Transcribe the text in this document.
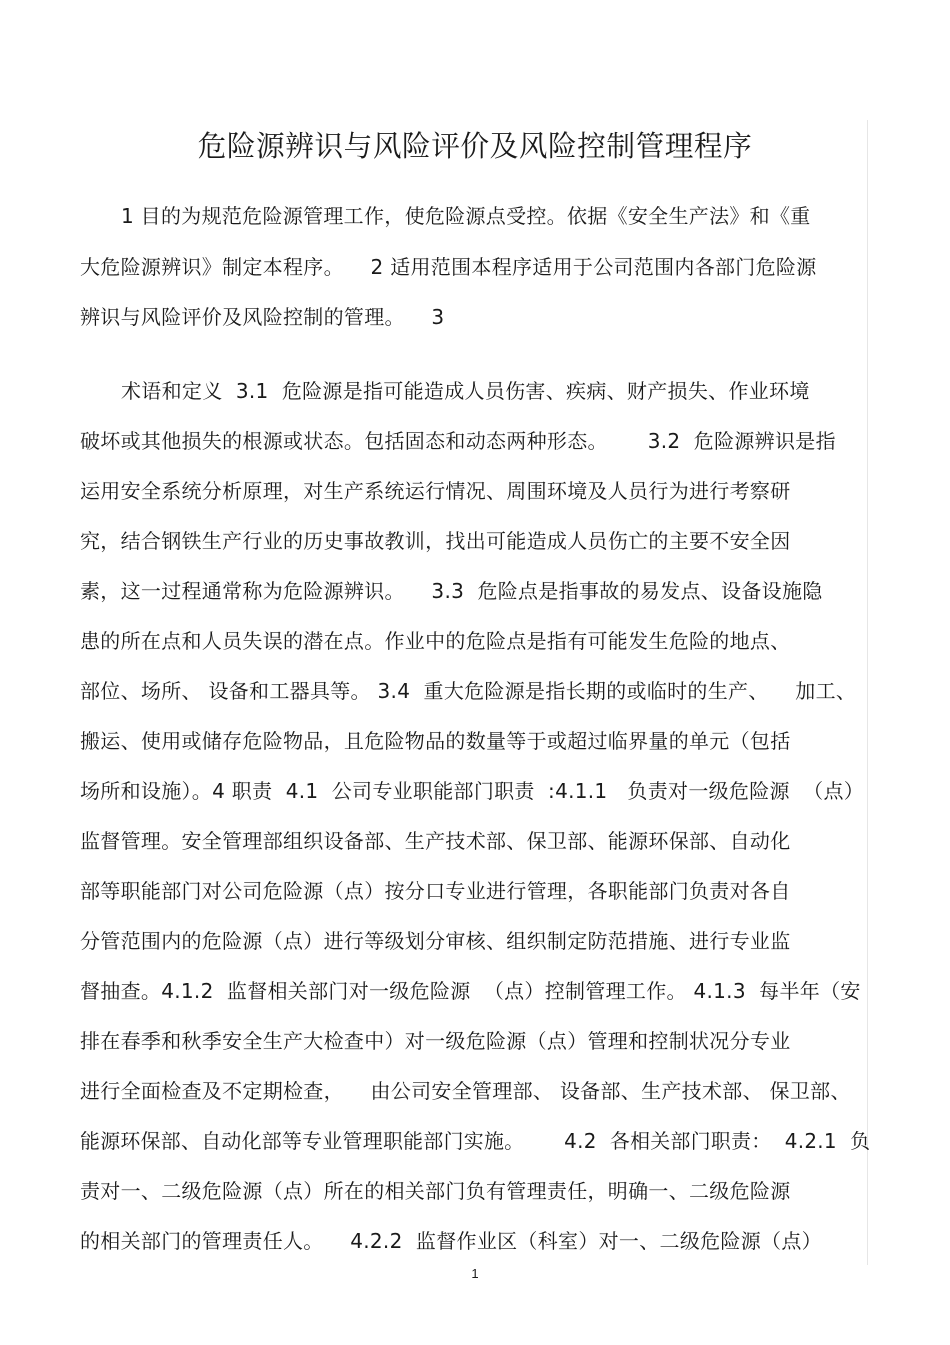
危险源辨识与风险评价及风险控制管理程序
1 目的为规范危险源管理工作，使危险源点受控。依据《安全生产法》和《重
大危险源辨识》制定本程序。    2 适用范围本程序适用于公司范围内各部门危险源
辨识与风险评价及风险控制的管理。    3
术语和定义  3.1  危险源是指可能造成人员伤害、疾病、财产损失、作业环境
破坏或其他损失的根源或状态。包括固态和动态两种形态。      3.2  危险源辨识是指
运用安全系统分析原理，对生产系统运行情况、周围环境及人员行为进行考察研
究，结合钢铁生产行业的历史事故教训，找出可能造成人员伤亡的主要不安全因
素，这一过程通常称为危险源辨识。    3.3  危险点是指事故的易发点、设备设施隐
患的所在点和人员失误的潜在点。作业中的危险点是指有可能发生危险的地点、
部位、场所、 设备和工器具等。 3.4  重大危险源是指长期的或临时的生产、    加工、
搬运、使用或储存危险物品，且危险物品的数量等于或超过临界量的单元（包括
场所和设施）。4 职责  4.1  公司专业职能部门职责  :4.1.1   负责对一级危险源  （点）
监督管理。安全管理部组织设备部、生产技术部、保卫部、能源环保部、自动化
部等职能部门对公司危险源（点）按分口专业进行管理，各职能部门负责对各自
分管范围内的危险源（点）进行等级划分审核、组织制定防范措施、进行专业监
督抽查。4.1.2  监督相关部门对一级危险源  （点）控制管理工作。 4.1.3  每半年（安
排在春季和秋季安全生产大检查中）对一级危险源（点）管理和控制状况分专业
进行全面检查及不定期检查，    由公司安全管理部、 设备部、生产技术部、 保卫部、
能源环保部、自动化部等专业管理职能部门实施。      4.2  各相关部门职责：  4.2.1  负
责对一、二级危险源（点）所在的相关部门负有管理责任，明确一、二级危险源
的相关部门的管理责任人。    4.2.2  监督作业区（科室）对一、二级危险源（点）
1
